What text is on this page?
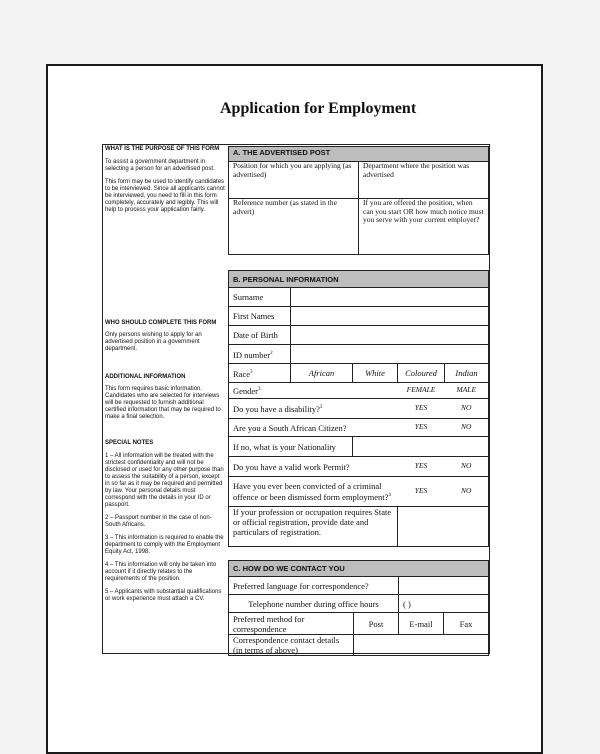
Application for Employment
WHAT IS THE PURPOSE OF THIS FORM
To assist a government department in selecting a person for an advertised post.
This form may be used to identify candidates to be interviewed. Since all applicants cannot be interviewed, you need to fill in this form completely, accurately and legibly. This will help to process your application fairly.
WHO SHOULD COMPLETE THIS FORM
Only persons wishing to apply for an advertised position in a government department.
ADDITIONAL INFORMATION
This form requires basic information. Candidates who are selected for interviews will be requested to furnish additional certified information that may be required to make a final selection.
SPECIAL NOTES
1 – All information will be treated with the strictest confidentiality and will not be disclosed or used for any other purpose than to assess the suitability of a person, except in so far as it may be required and permitted by law. Your personal details must correspond with the details in your ID or passport.
2 – Passport number in the case of non-South Africans.
3 – This information is required to enable the department to comply with the Employment Equity Act, 1998.
4 – This information will only be taken into account if it directly relates to the requirements of the position.
5 – Applicants with substantial qualifications or work experience must attach a CV.
A. THE ADVERTISED POST	
Position for which you are applying (as advertised)	Department where the position was advertised
Reference number (as stated in the advert)	If you are offered the position, when can you start OR how much notice must you serve with your current employer?
B. PERSONAL INFORMATION				
Surname				
First Names				
Date of Birth				
ID number$^2$	
Race$^3$	African	White	Coloured	Indian
Gender$^3$			FEMALE	MALE
Do you have a disability?$^3$			YES	NO
Are you a South African Citizen?			YES	NO
If no, what is your Nationality				
Do you have a valid work Permit?			YES	NO
Have you ever been convicted of a criminal offence or been dismissed form employment?$^4$			YES	NO
If your profession or occupation requires State or official registration, provide date and particulars of registration.				
C. HOW DO WE CONTACT YOU			
Preferred language for correspondence?			
Telephone number during office hours		( )	
Preferred method for correspondence	Post	E-mail	Fax
Correspondence contact details (in terms of above)			
